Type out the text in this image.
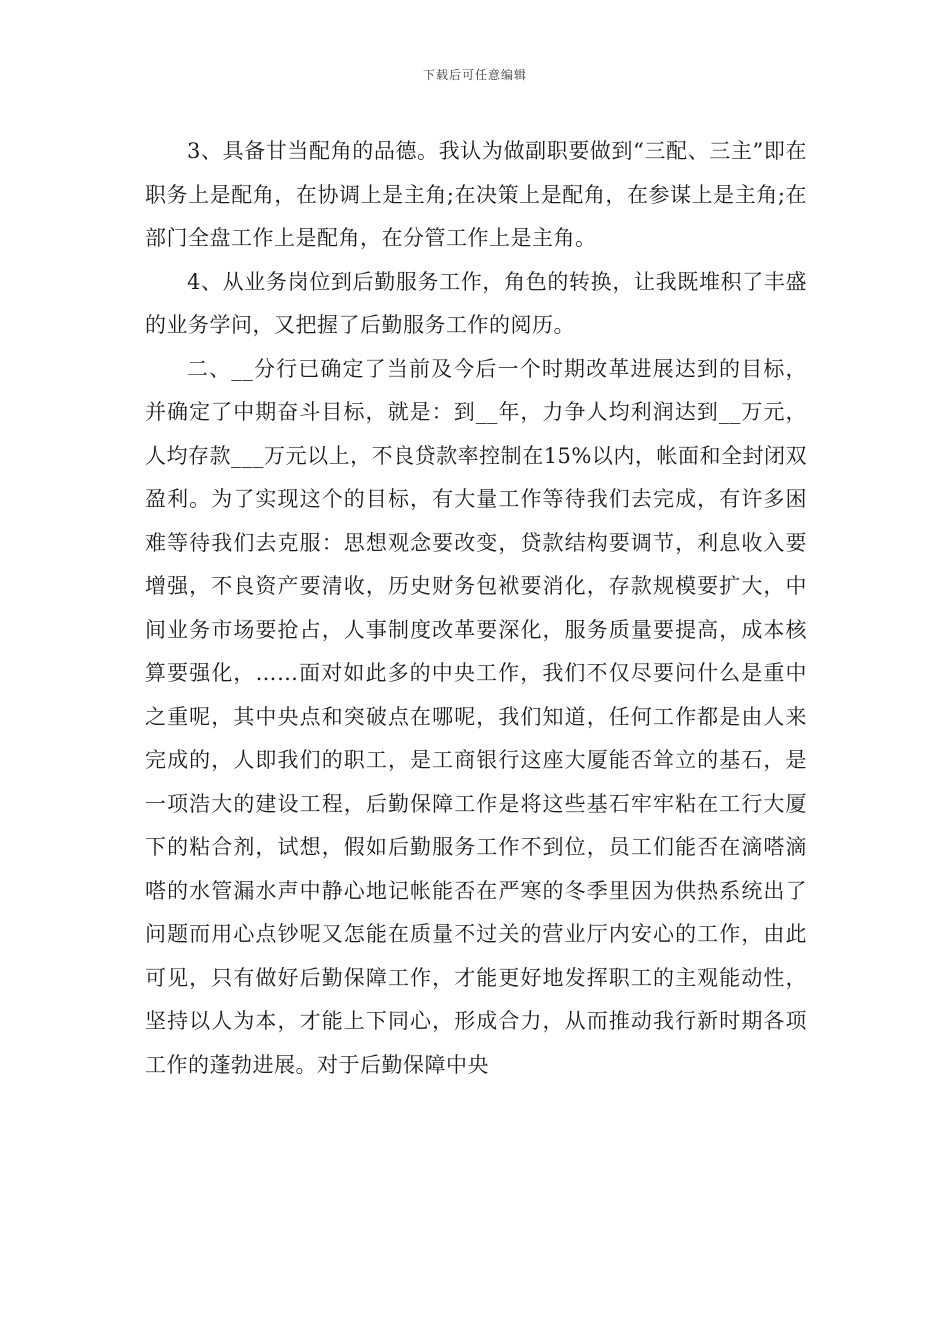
下载后可任意编辑

3、具备甘当配角的品德。我认为做副职要做到“三配、三主”即在职务上是配角，在协调上是主角;在决策上是配角，在参谋上是主角;在部门全盘工作上是配角，在分管工作上是主角。

4、从业务岗位到后勤服务工作，角色的转换，让我既堆积了丰盛的业务学问，又把握了后勤服务工作的阅历。

二、__分行已确定了当前及今后一个时期改革进展达到的目标，并确定了中期奋斗目标，就是：到__年，力争人均利润达到__万元，人均存款___万元以上，不良贷款率控制在15%以内，帐面和全封闭双盈利。为了实现这个的目标，有大量工作等待我们去完成，有许多困难等待我们去克服：思想观念要改变，贷款结构要调节，利息收入要增强，不良资产要清收，历史财务包袱要消化，存款规模要扩大，中间业务市场要抢占，人事制度改革要深化，服务质量要提高，成本核算要强化，……面对如此多的中央工作，我们不仅尽要问什么是重中之重呢，其中央点和突破点在哪呢，我们知道，任何工作都是由人来完成的，人即我们的职工，是工商银行这座大厦能否耸立的基石，是一项浩大的建设工程，后勤保障工作是将这些基石牢牢粘在工行大厦下的粘合剂，试想，假如后勤服务工作不到位，员工们能否在滴嗒滴嗒的水管漏水声中静心地记帐能否在严寒的冬季里因为供热系统出了问题而用心点钞呢又怎能在质量不过关的营业厅内安心的工作，由此可见，只有做好后勤保障工作，才能更好地发挥职工的主观能动性，坚持以人为本，才能上下同心，形成合力，从而推动我行新时期各项工作的蓬勃进展。对于后勤保障中央
